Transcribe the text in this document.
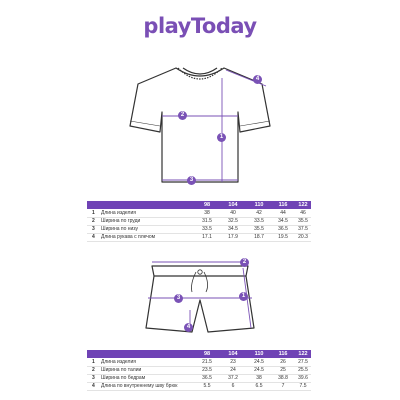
playToday
1
2
3
4
98	104	110	116 122
1 Длина изделия	38	40	42	44	46
2 Ширина по груди	31.5	32.5	33.5	34.5 35.5
3 Ширина по низу	33.5	34.5	35.5	36.5 37.5
4 Длина рукава с плечом	17.1	17.9	18.7	19.5 20.3
1
2
3
4
98	104	110	116 122
1 Длина изделия	21.5	23	24.5	26 27.5
2 Ширина по талии	23.5	24	24.5	25 25.5
3 Ширина по бедрам	36.5	37.2	38	38.8 39.6
4 Длина по внутреннему шву брюк	5.5	6	6.5	7	7.5
